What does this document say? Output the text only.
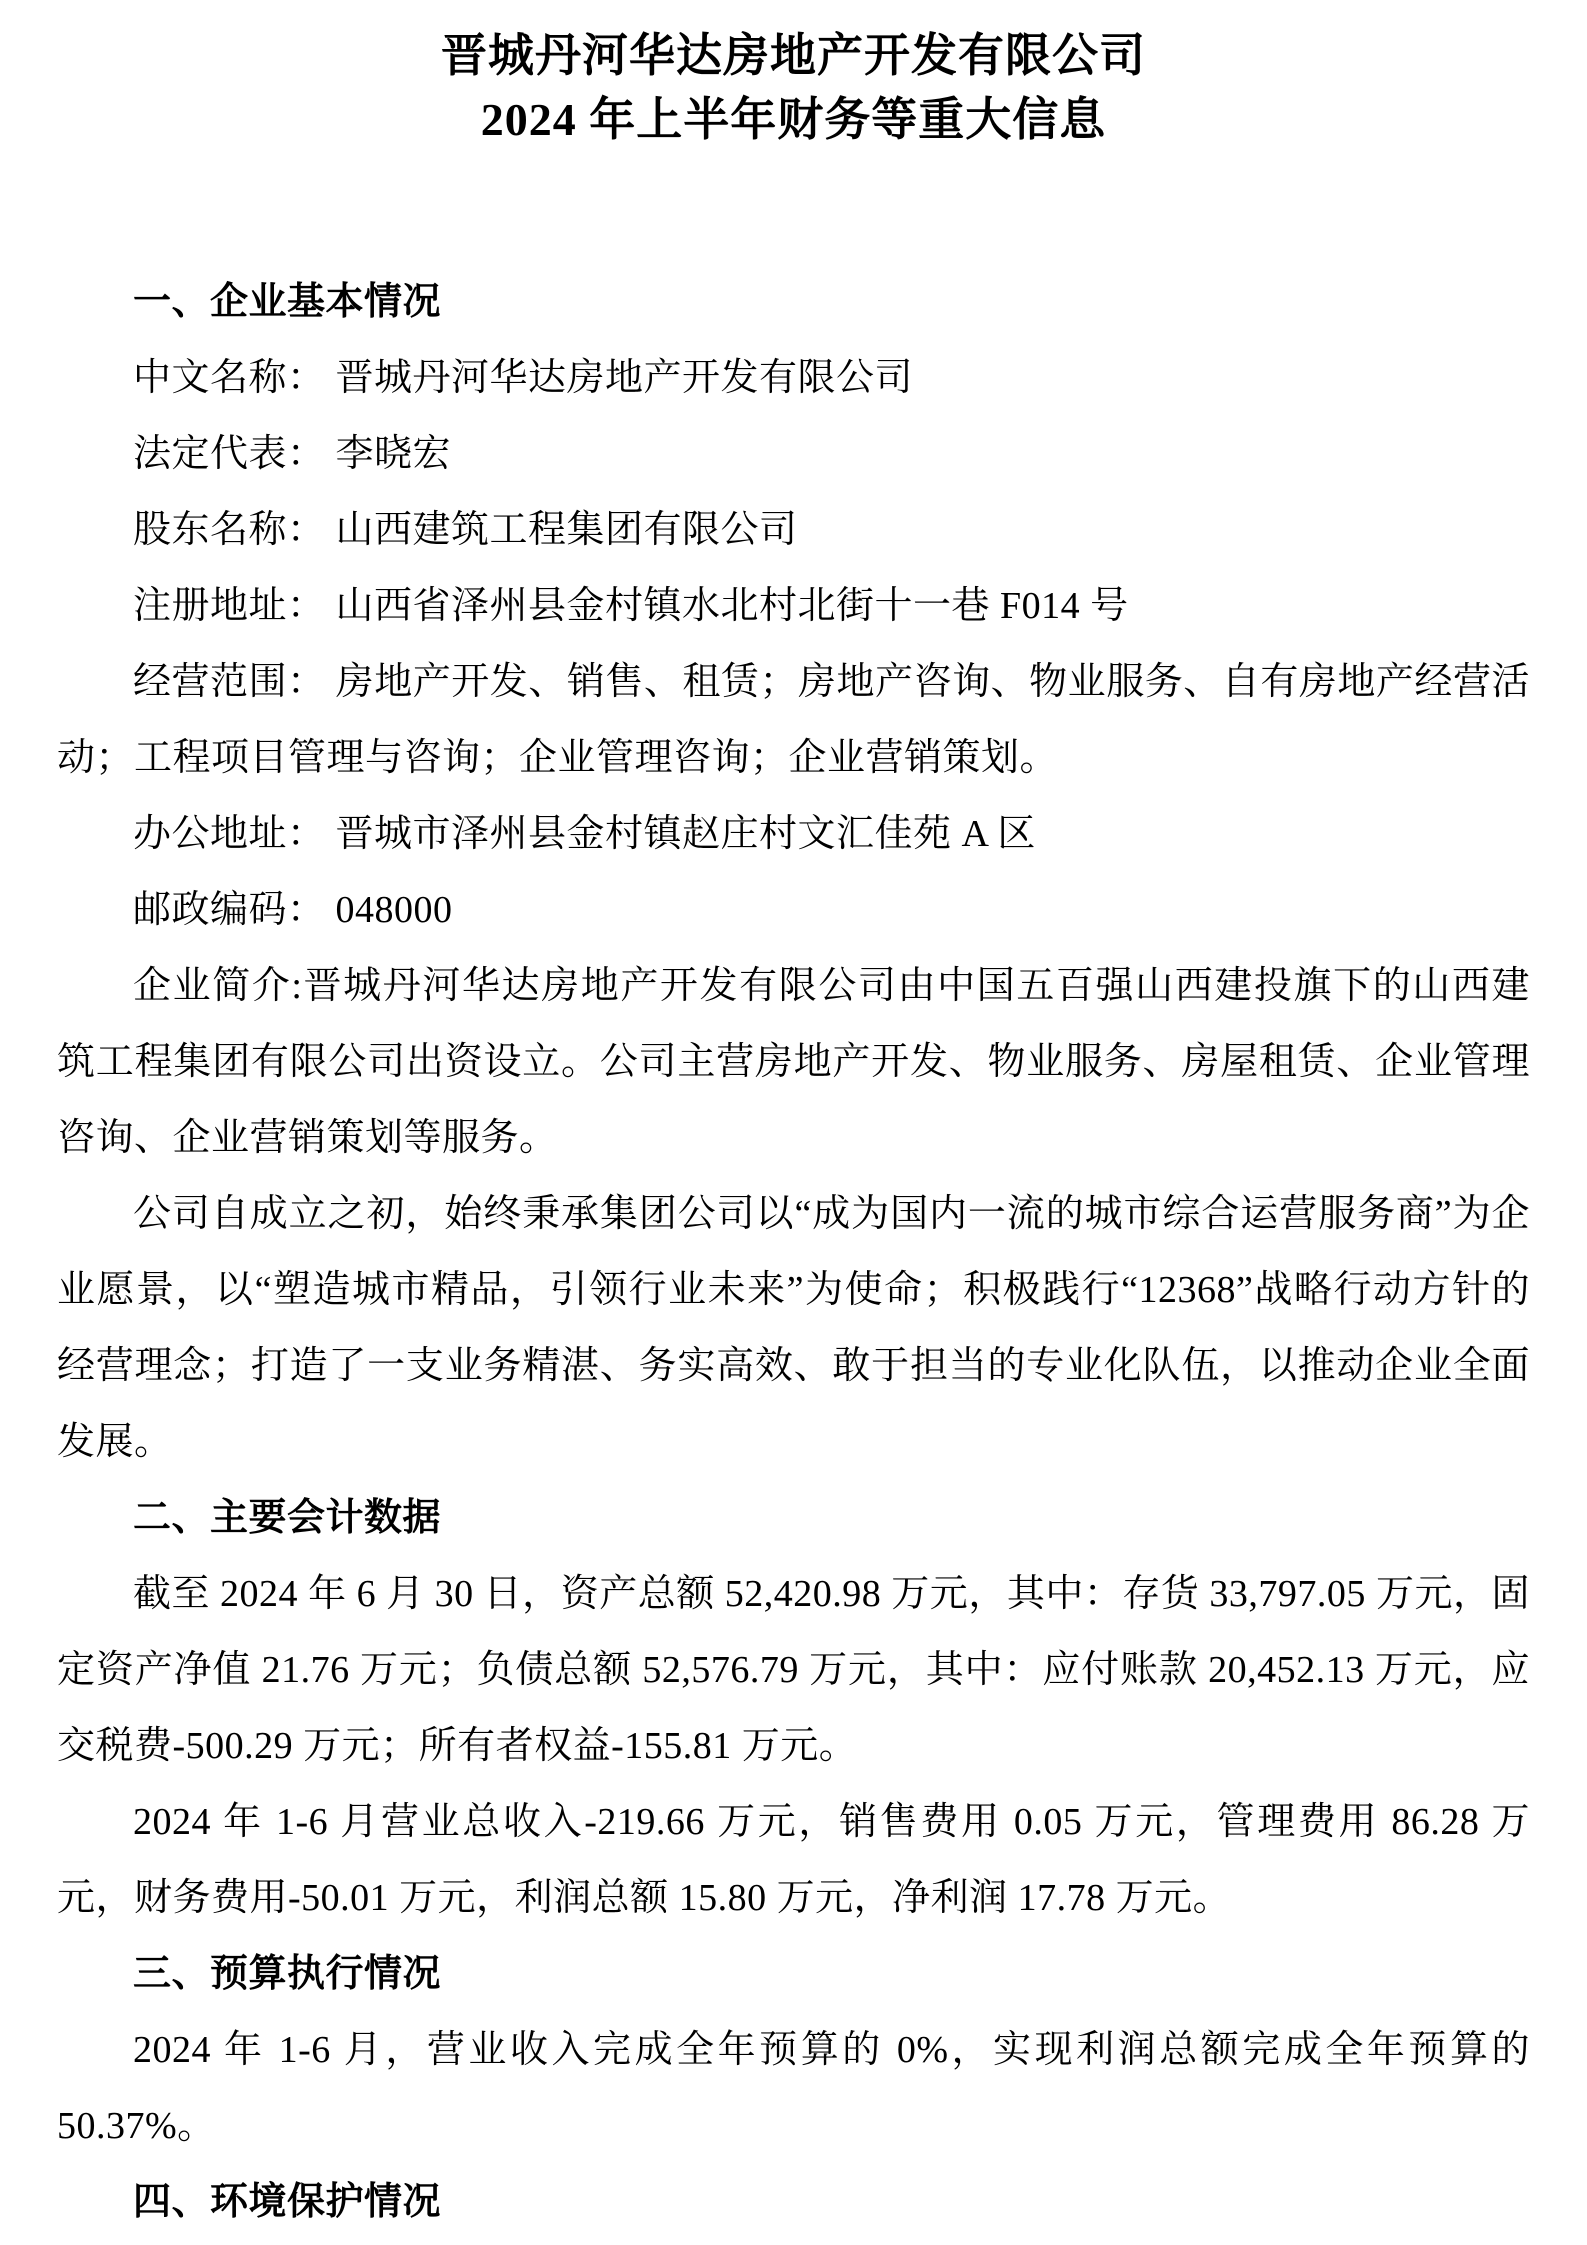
晋城丹河华达房地产开发有限公司
2024 年上半年财务等重大信息
一、企业基本情况

中文名称： 晋城丹河华达房地产开发有限公司

法定代表： 李晓宏

股东名称： 山西建筑工程集团有限公司

注册地址： 山西省泽州县金村镇水北村北街十一巷 F014 号

经营范围： 房地产开发、销售、租赁；房地产咨询、物业服务、自有房地产经营活动；工程项目管理与咨询；企业管理咨询；企业营销策划。

办公地址： 晋城市泽州县金村镇赵庄村文汇佳苑 A 区

邮政编码： 048000

企业简介:晋城丹河华达房地产开发有限公司由中国五百强山西建投旗下的山西建筑工程集团有限公司出资设立。公司主营房地产开发、物业服务、房屋租赁、企业管理咨询、企业营销策划等服务。

公司自成立之初，始终秉承集团公司以“成为国内一流的城市综合运营服务商”为企业愿景，以“塑造城市精品，引领行业未来”为使命；积极践行“12368”战略行动方针的经营理念；打造了一支业务精湛、务实高效、敢于担当的专业化队伍，以推动企业全面发展。

二、主要会计数据

截至 2024 年 6 月 30 日，资产总额 52,420.98 万元，其中：存货 33,797.05 万元，固定资产净值 21.76 万元；负债总额 52,576.79 万元，其中：应付账款 20,452.13 万元，应交税费-500.29 万元；所有者权益-155.81 万元。

2024 年 1-6 月营业总收入-219.66 万元，销售费用 0.05 万元，管理费用 86.28 万元，财务费用-50.01 万元，利润总额 15.80 万元，净利润 17.78 万元。

三、预算执行情况

2024 年 1-6 月，营业收入完成全年预算的 0%，实现利润总额完成全年预算的 50.37%。

四、环境保护情况
